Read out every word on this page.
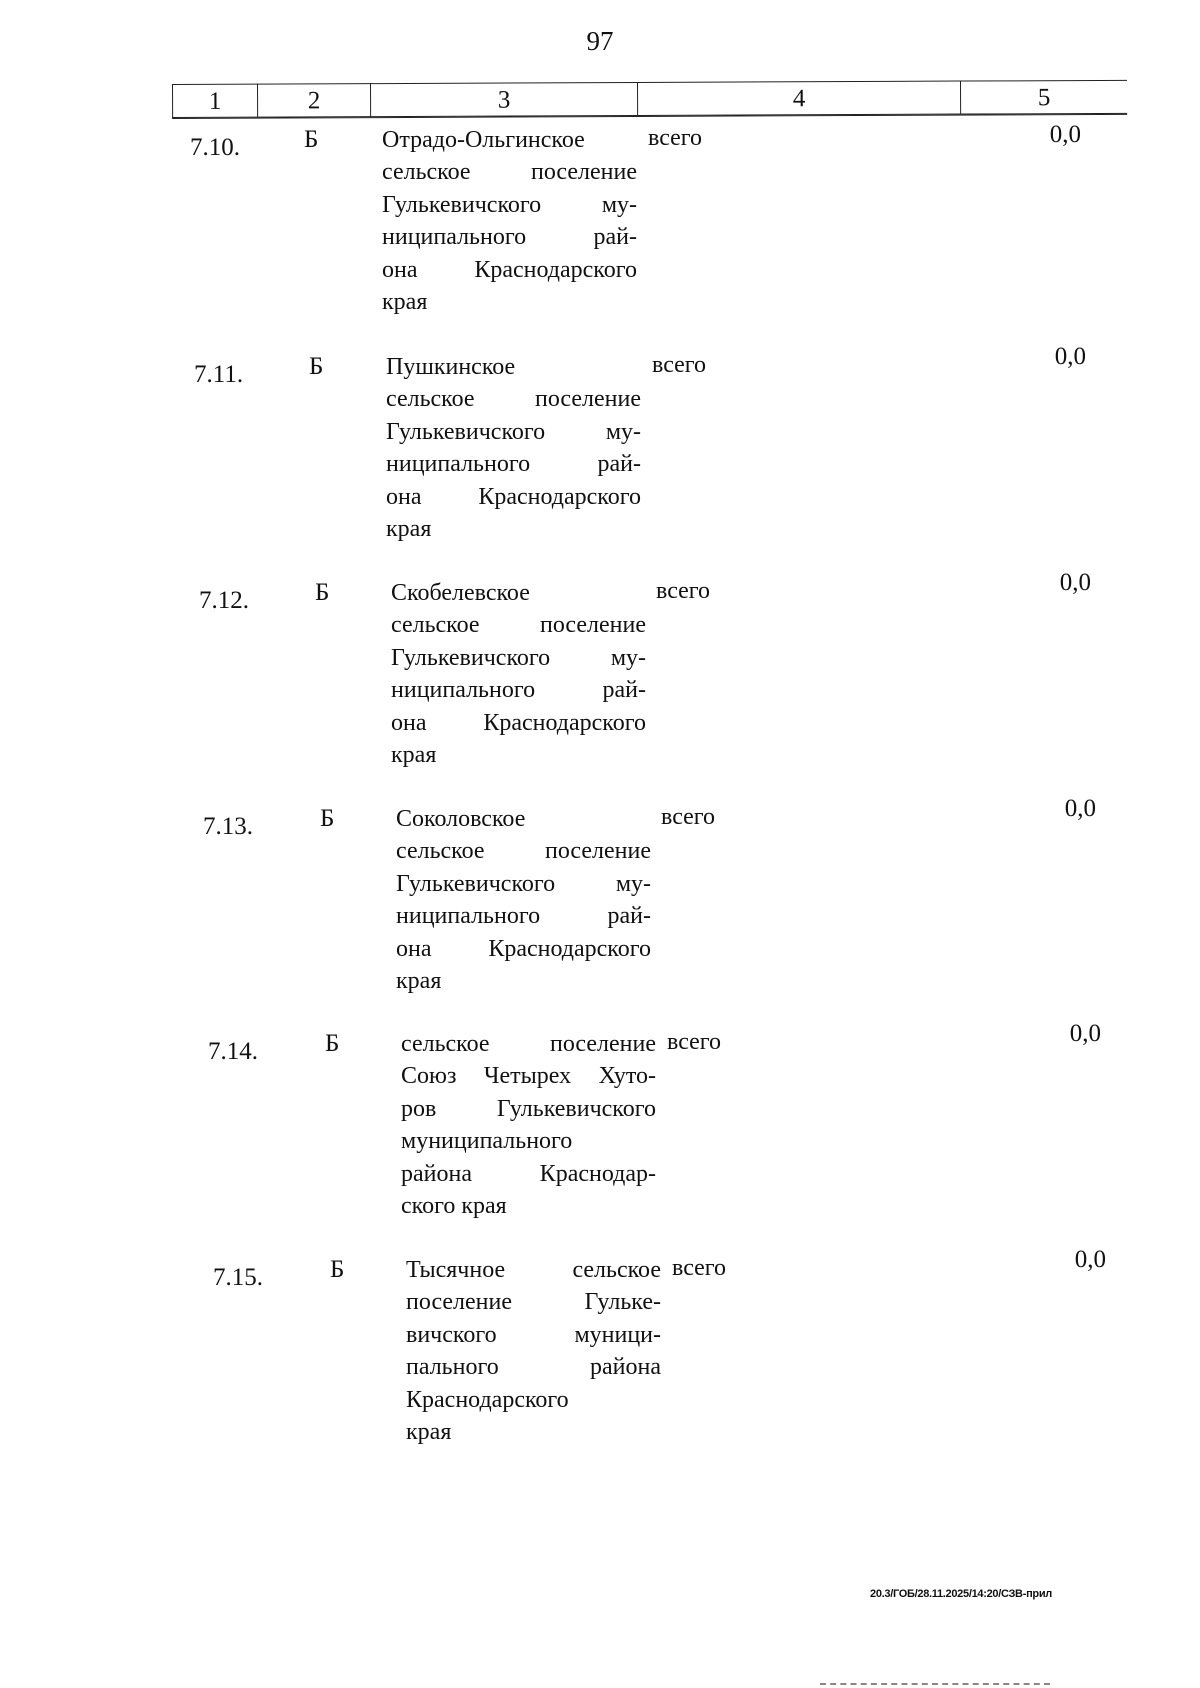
97
1	2	3	4	5
7.10.	Б	Отрадо-Ольгинское
сельское поселение
Гулькевичского му-
ниципального рай-
она Краснодарского
края
всего	0,0
7.11.	Б	Пушкинское
сельское поселение
Гулькевичского му-
ниципального рай-
она Краснодарского
края
всего	0,0
7.12.	Б	Скобелевское
сельское поселение
Гулькевичского му-
ниципального рай-
она Краснодарского
края
всего	0,0
7.13.	Б	Соколовское
сельское поселение
Гулькевичского му-
ниципального рай-
она Краснодарского
края
всего	0,0
7.14.	Б	сельское поселение
Союз Четырех Хуто-
ров Гулькевичского
муниципального
района Краснодар-
ского края
всего	0,0
7.15.	Б	Тысячное сельское
поселение Гульке-
вичского муници-
пального района
Краснодарского
края
всего	0,0
20.3/ГОБ/28.11.2025/14:20/СЗВ-прил
